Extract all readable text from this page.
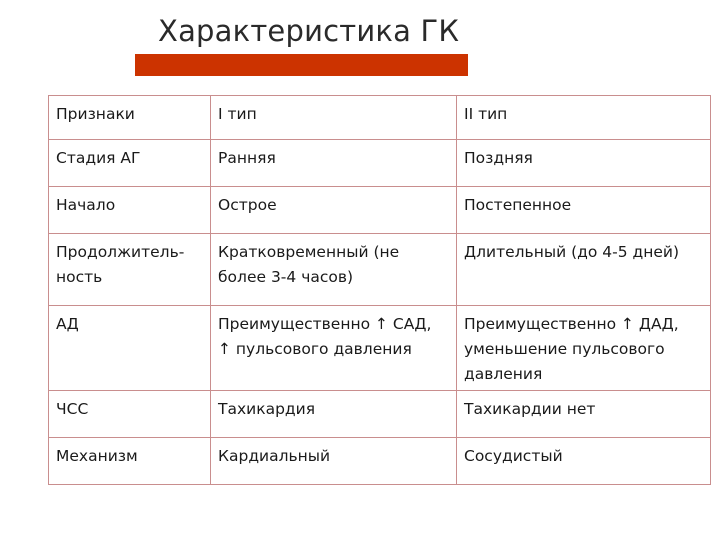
Характеристика ГК
Признаки	I тип	II тип
Стадия АГ	Ранняя	Поздняя
Начало	Острое	Постепенное
Продолжитель-ность	Кратковременный (не более 3-4 часов)	Длительный (до 4-5 дней)
АД	Преимущественно ↑ САД, ↑ пульсового давления	Преимущественно ↑ ДАД, уменьшение пульсового давления
ЧСС	Тахикардия	Тахикардии нет
Механизм	Кардиальный	Сосудистый
